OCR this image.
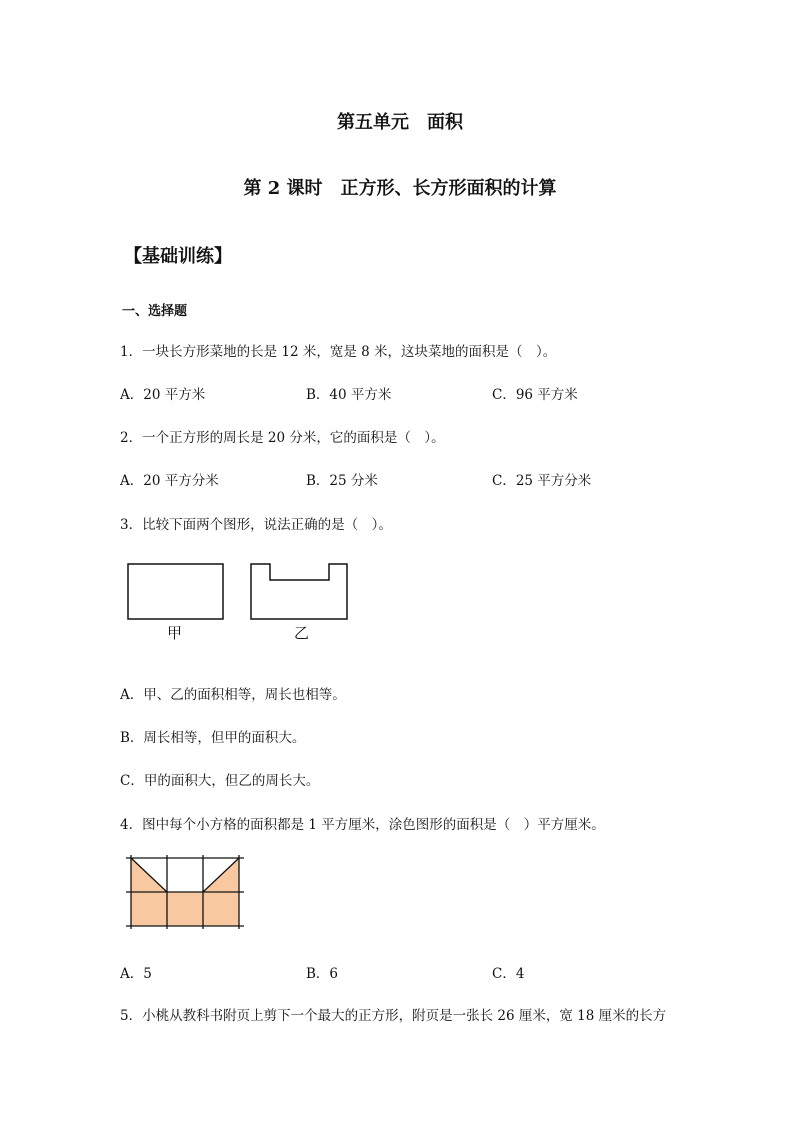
第五单元　面积
第 2 课时　正方形、长方形面积的计算
【基础训练】
一、选择题
1．一块长方形菜地的长是 12 米，宽是 8 米，这块菜地的面积是（　）。
A．20 平方米	B．40 平方米	C．96 平方米
2．一个正方形的周长是 20 分米，它的面积是（　）。
A．20 平方分米	B．25 分米	C．25 平方分米
3．比较下面两个图形，说法正确的是（　）。
甲	乙
A．甲、乙的面积相等，周长也相等。
B．周长相等，但甲的面积大。
C．甲的面积大，但乙的周长大。
4．图中每个小方格的面积都是 1 平方厘米，涂色图形的面积是（　）平方厘米。
A．5	B．6	C．4
5．小桃从教科书附页上剪下一个最大的正方形，附页是一张长 26 厘米，宽 18 厘米的长方
